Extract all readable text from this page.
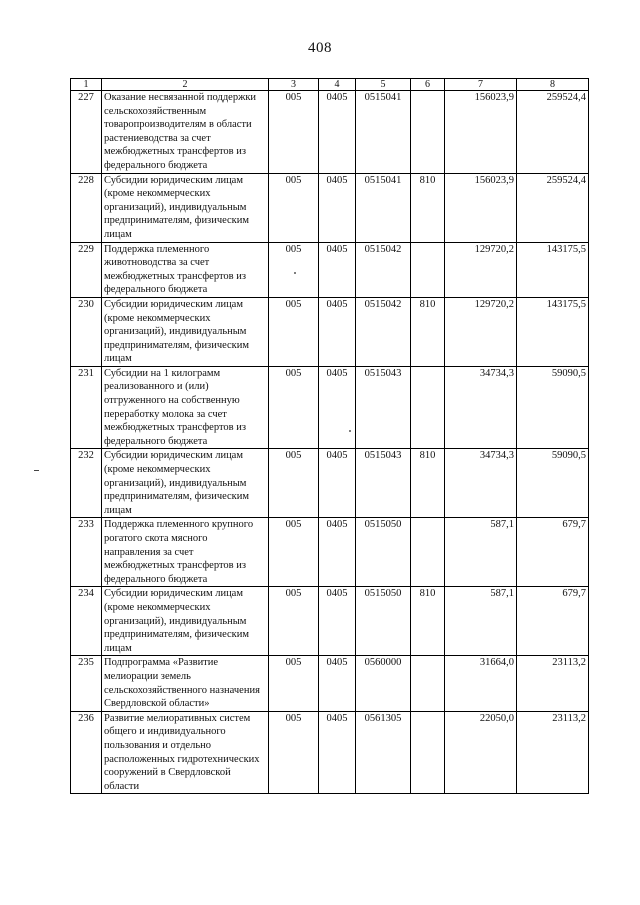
408
1	2	3	4	5	6	7	8
227	Оказание несвязанной поддержки сельскохозяйственным товаропроизводителям в области растениеводства за счет межбюджетных трансфертов из федерального бюджета	005	0405	0515041		156023,9	259524,4
228	Субсидии юридическим лицам (кроме некоммерческих организаций), индивидуальным предпринимателям, физическим лицам	005	0405	0515041	810	156023,9	259524,4
229	Поддержка племенного животноводства за счет межбюджетных трансфертов из федерального бюджета	005	0405	0515042		129720,2	143175,5
230	Субсидии юридическим лицам (кроме некоммерческих организаций), индивидуальным предпринимателям, физическим лицам	005	0405	0515042	810	129720,2	143175,5
231	Субсидии на 1 килограмм реализованного и (или) отгруженного на собственную переработку молока за счет межбюджетных трансфертов из федерального бюджета	005	0405	0515043		34734,3	59090,5
232	Субсидии юридическим лицам (кроме некоммерческих организаций), индивидуальным предпринимателям, физическим лицам	005	0405	0515043	810	34734,3	59090,5
233	Поддержка племенного крупного рогатого скота мясного направления за счет межбюджетных трансфертов из федерального бюджета	005	0405	0515050		587,1	679,7
234	Субсидии юридическим лицам (кроме некоммерческих организаций), индивидуальным предпринимателям, физическим лицам	005	0405	0515050	810	587,1	679,7
235	Подпрограмма «Развитие мелиорации земель сельскохозяйственного назначения Свердловской области»	005	0405	0560000		31664,0	23113,2
236	Развитие мелиоративных систем общего и индивидуального пользования и отдельно расположенных гидротехнических сооружений в Свердловской области	005	0405	0561305		22050,0	23113,2
